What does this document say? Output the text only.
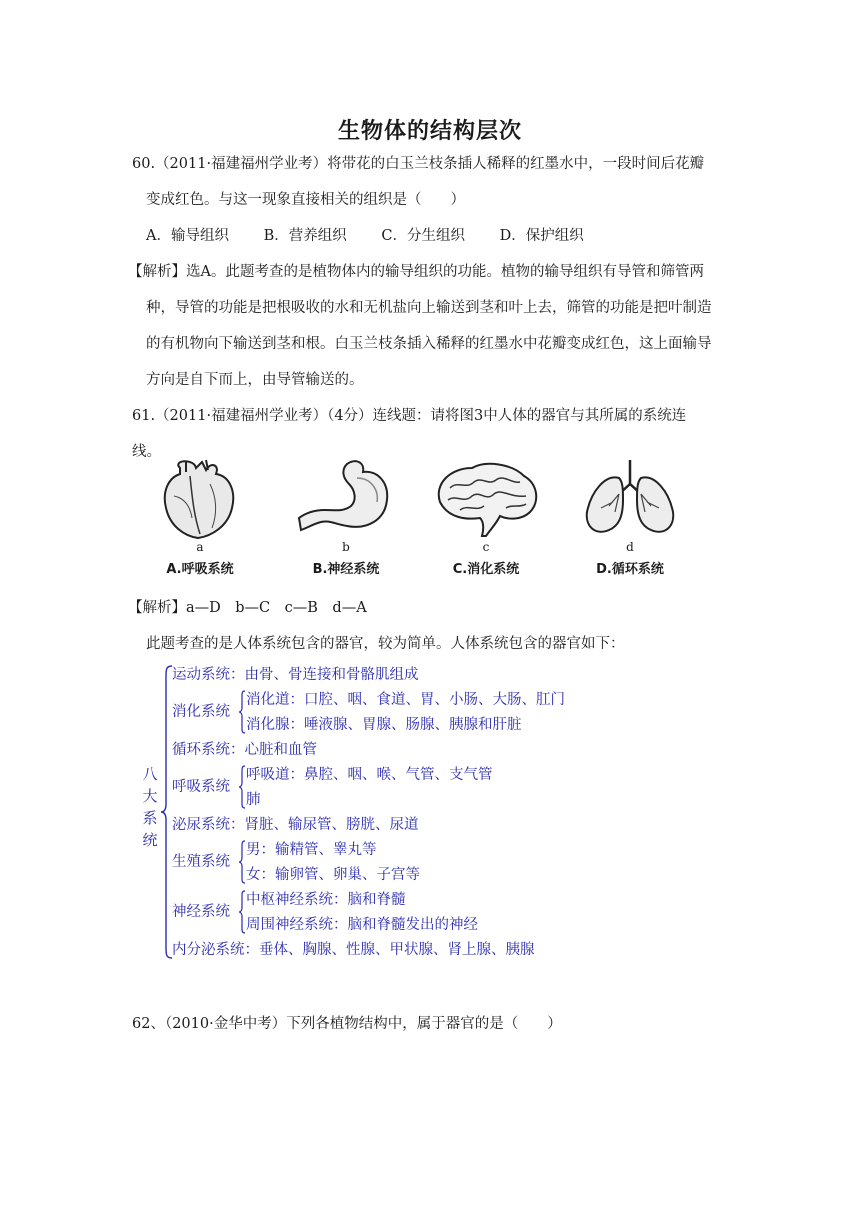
生物体的结构层次
60.（2011·福建福州学业考）将带花的白玉兰枝条插人稀释的红墨水中，一段时间后花瓣
变成红色。与这一现象直接相关的组织是（　　）
A．输导组织 B．营养组织 C．分生组织 D．保护组织
【解析】选A。此题考查的是植物体内的输导组织的功能。植物的输导组织有导管和筛管两
种，导管的功能是把根吸收的水和无机盐向上输送到茎和叶上去，筛管的功能是把叶制造
的有机物向下输送到茎和根。白玉兰枝条插入稀释的红墨水中花瓣变成红色，这上面输导
方向是自下而上，由导管输送的。
61.（2011·福建福州学业考）（4分）连线题：请将图3中人体的器官与其所属的系统连
线。
a
A.呼吸系统
b
B.神经系统
c
C.消化系统
d
D.循环系统
【解析】a—D　b—C　c—B　d—A
此题考查的是人体系统包含的器官，较为简单。人体系统包含的器官如下：
八
大
系
统
运动系统：由骨、骨连接和骨骼肌组成
消化系统
消化道：口腔、咽、食道、胃、小肠、大肠、肛门
消化腺：唾液腺、胃腺、肠腺、胰腺和肝脏
循环系统：心脏和血管
呼吸系统
呼吸道：鼻腔、咽、喉、气管、支气管
肺
泌尿系统：肾脏、输尿管、膀胱、尿道
生殖系统
男：输精管、睾丸等
女：输卵管、卵巢、子宫等
神经系统
中枢神经系统：脑和脊髓
周围神经系统：脑和脊髓发出的神经
内分泌系统：垂体、胸腺、性腺、甲状腺、肾上腺、胰腺
62、（2010·金华中考）下列各植物结构中，属于器官的是（　　）
